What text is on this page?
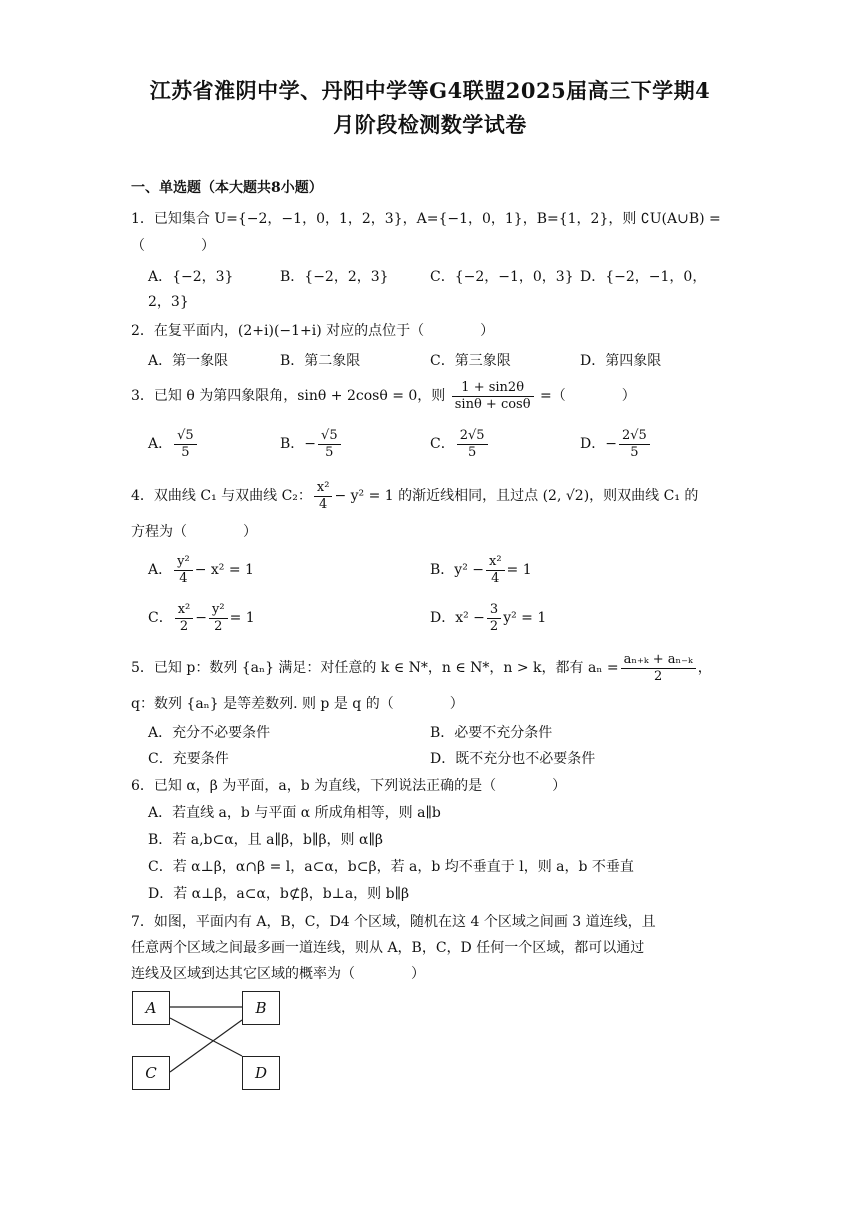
江苏省淮阴中学、丹阳中学等G4联盟2025届高三下学期4
月阶段检测数学试卷
一、单选题（本大题共8小题）
1．已知集合 U={−2，−1，0，1，2，3}，A={−1，0，1}，B={1，2}，则 ∁U(A∪B) =
（　　　　）
A．{−2，3}	B．{−2，2，3}	C．{−2，−1，0，3} D．{−2，−1，0，
2，3}
2．在复平面内，(2+i)(−1+i) 对应的点位于（　　　　）
A．第一象限	B．第二象限	C．第三象限	D．第四象限
3．已知 θ 为第四象限角，sinθ + 2cosθ = 0，则 $\frac{1 + \sin 2\theta}{\sin\theta + \cos\theta}$ =（　　　　）
A． $\frac{√5}{5}$	B．− $\frac{√5}{5}$	C． $\frac{2√5}{5}$	D．− $\frac{2√5}{5}$
4．双曲线 C₁ 与双曲线 C₂： $\frac{\text{x²}}{4} - y^2 = 1$ 的渐近线相同，且过点 (2, √2)，则双曲线 C₁ 的
方程为（　　　　）
A． $\frac{\text{y²}}{4} - x^2 = 1$	B．$y^2 - \frac{\text{x²}}{4} = 1$
C． $\frac{\text{x²}}{2} - \frac{\text{y²}}{2} = 1$	D．$x^2 - \frac{3}{2} y^2 = 1$
5．已知 p：数列 {aₙ} 满足：对任意的 k ∈ N*，n ∈ N*，n > k，都有 $a_n = \frac{\text{aₙ₊ₖ + aₙ₋ₖ}}{2}$ ，
q：数列 {aₙ} 是等差数列. 则 p 是 q 的（　　　　）
A．充分不必要条件	B．必要不充分条件
C．充要条件	D．既不充分也不必要条件
6．已知 α，β 为平面，a，b 为直线，下列说法正确的是（　　　　）
A．若直线 a，b 与平面 α 所成角相等，则 a∥b
B．若 a,b⊂α，且 a∥β，b∥β，则 α∥β
C．若 α⊥β，α∩β = l，a⊂α，b⊂β，若 a，b 均不垂直于 l，则 a，b 不垂直
D．若 α⊥β，a⊂α，b⊄β，b⊥a，则 b∥β
7．如图，平面内有 A，B，C，D4 个区域，随机在这 4 个区域之间画 3 道连线，且
任意两个区域之间最多画一道连线，则从 A，B，C，D 任何一个区域，都可以通过
连线及区域到达其它区域的概率为（　　　　）
A	B
C	D
